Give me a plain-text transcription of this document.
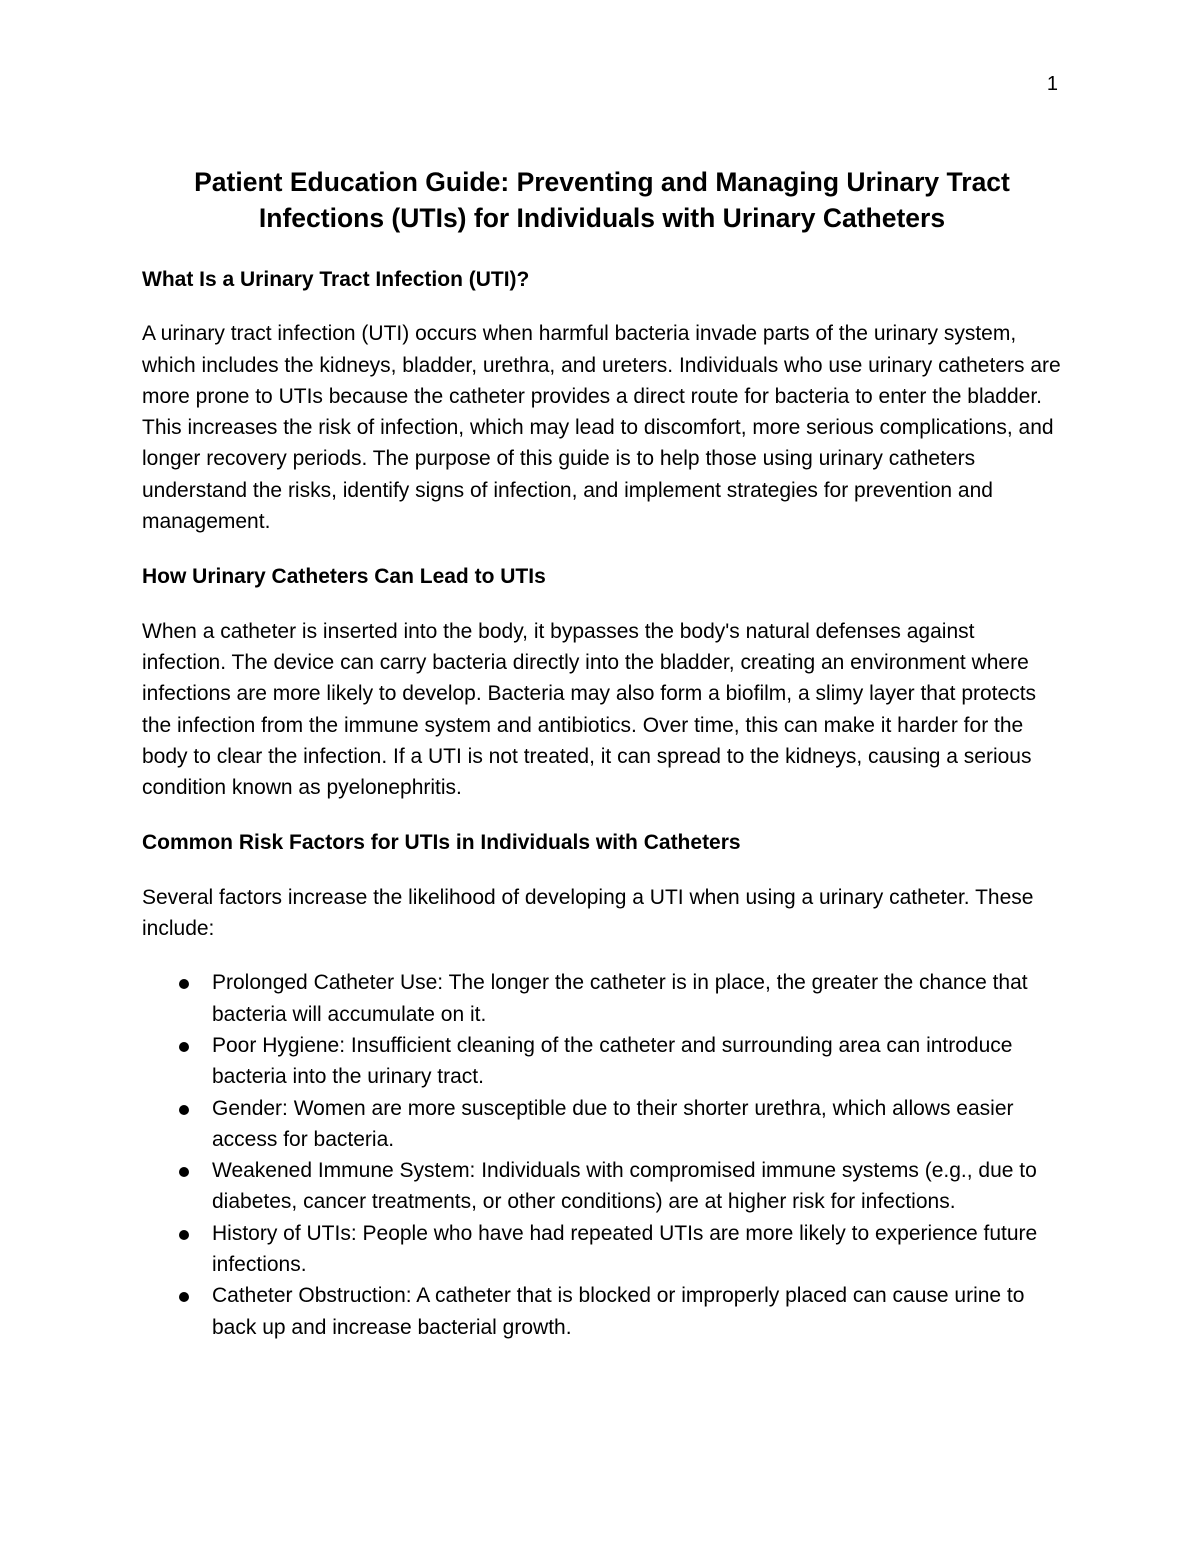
1
Patient Education Guide: Preventing and Managing Urinary Tract Infections (UTIs) for Individuals with Urinary Catheters
What Is a Urinary Tract Infection (UTI)?

A urinary tract infection (UTI) occurs when harmful bacteria invade parts of the urinary system, which includes the kidneys, bladder, urethra, and ureters. Individuals who use urinary catheters are more prone to UTIs because the catheter provides a direct route for bacteria to enter the bladder. This increases the risk of infection, which may lead to discomfort, more serious complications, and longer recovery periods. The purpose of this guide is to help those using urinary catheters understand the risks, identify signs of infection, and implement strategies for prevention and management.

How Urinary Catheters Can Lead to UTIs

When a catheter is inserted into the body, it bypasses the body's natural defenses against infection. The device can carry bacteria directly into the bladder, creating an environment where infections are more likely to develop. Bacteria may also form a biofilm, a slimy layer that protects the infection from the immune system and antibiotics. Over time, this can make it harder for the body to clear the infection. If a UTI is not treated, it can spread to the kidneys, causing a serious condition known as pyelonephritis.

Common Risk Factors for UTIs in Individuals with Catheters

Several factors increase the likelihood of developing a UTI when using a urinary catheter. These include:

Prolonged Catheter Use: The longer the catheter is in place, the greater the chance that bacteria will accumulate on it.
Poor Hygiene: Insufficient cleaning of the catheter and surrounding area can introduce bacteria into the urinary tract.
Gender: Women are more susceptible due to their shorter urethra, which allows easier access for bacteria.
Weakened Immune System: Individuals with compromised immune systems (e.g., due to diabetes, cancer treatments, or other conditions) are at higher risk for infections.
History of UTIs: People who have had repeated UTIs are more likely to experience future infections.
Catheter Obstruction: A catheter that is blocked or improperly placed can cause urine to back up and increase bacterial growth.
